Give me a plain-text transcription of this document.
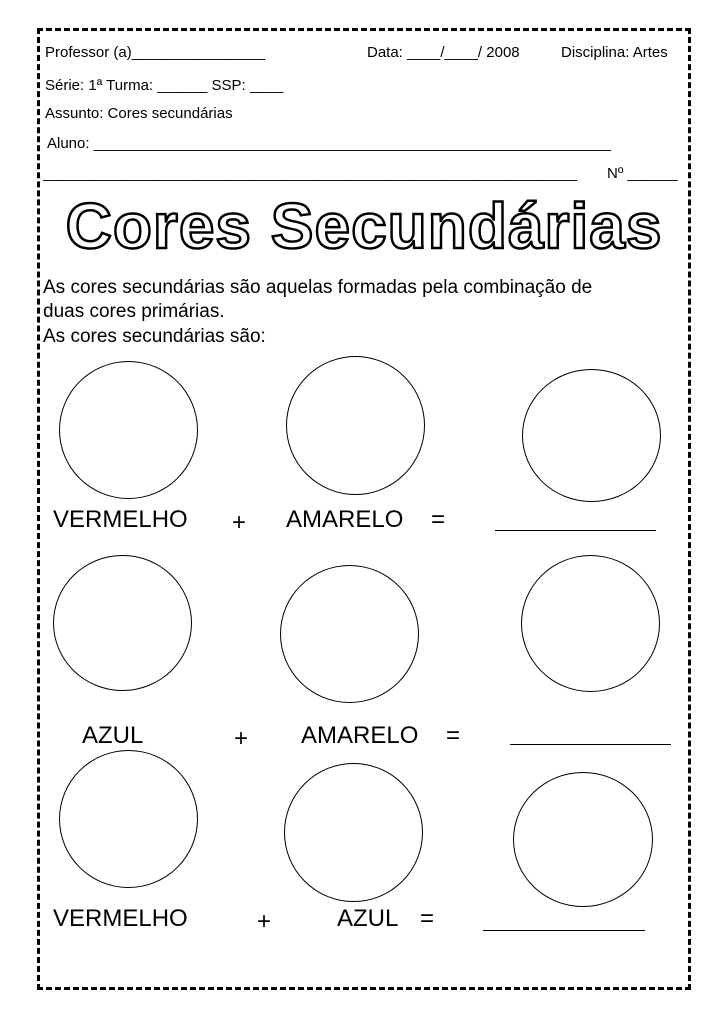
Professor (a)________________	Data: ____/____/ 2008	Disciplina: Artes
Série: 1ª Turma: ______ SSP: ____
Assunto: Cores secundárias
Aluno: ______________________________________________________________
________________________________________________________________	Nº ______
Cores Secundárias
As cores secundárias são aquelas formadas pela combinação de
duas cores primárias.
As cores secundárias são:
VERMELHO + AMARELO =
AZUL	+ AMARELO =
VERMELHO	+	AZUL =
